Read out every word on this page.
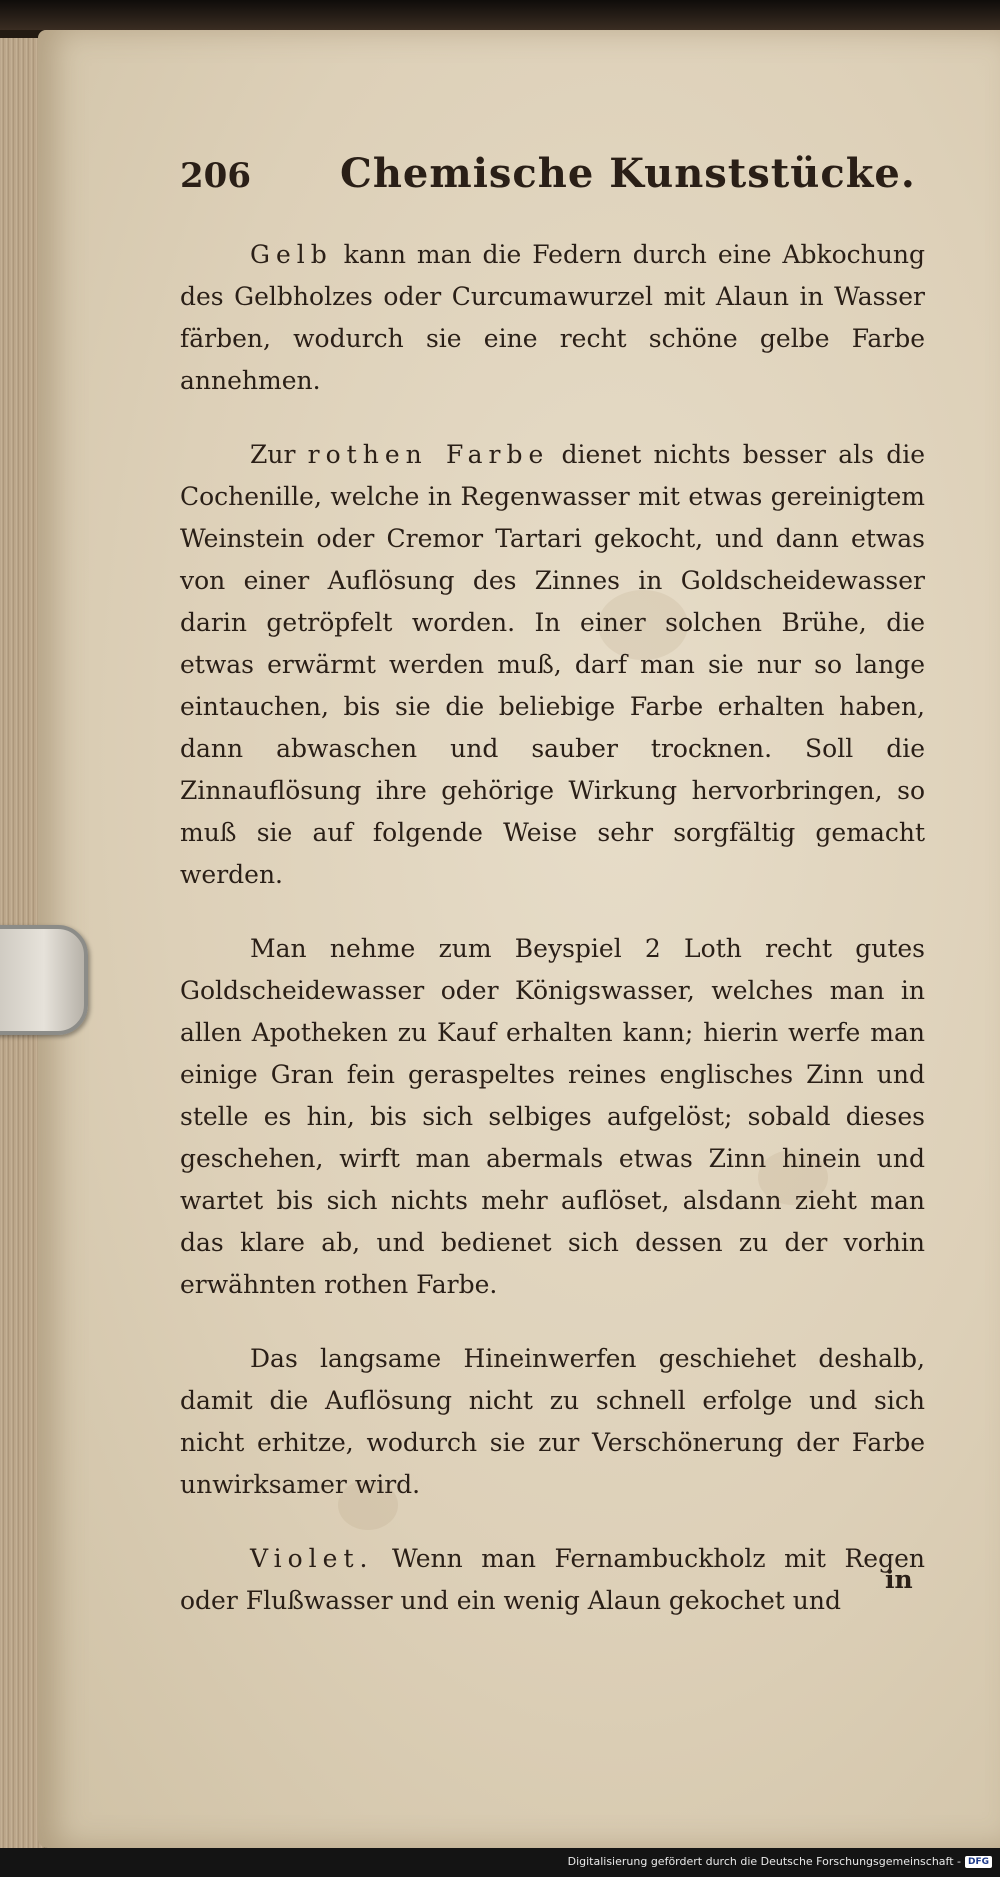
206	Chemische Kunststücke.

Gelb kann man die Federn durch eine Abkochung des Gelbholzes oder Curcumawurzel mit Alaun in Wasser färben, wodurch sie eine recht schöne gelbe Farbe annehmen.

Zur rothen Farbe dienet nichts besser als die Cochenille, welche in Regenwasser mit etwas gereinigtem Weinstein oder Cremor Tartari gekocht, und dann etwas von einer Auflösung des Zinnes in Goldscheidewasser darin getröpfelt worden. In einer solchen Brühe, die etwas erwärmt werden muß, darf man sie nur so lange eintauchen, bis sie die beliebige Farbe erhalten haben, dann abwaschen und sauber trocknen. Soll die Zinnauflösung ihre gehörige Wirkung hervorbringen, so muß sie auf folgende Weise sehr sorgfältig gemacht werden.

Man nehme zum Beyspiel 2 Loth recht gutes Goldscheidewasser oder Königswasser, welches man in allen Apotheken zu Kauf erhalten kann; hierin werfe man einige Gran fein geraspeltes reines englisches Zinn und stelle es hin, bis sich selbiges aufgelöst; sobald dieses geschehen, wirft man abermals etwas Zinn hinein und wartet bis sich nichts mehr auflöset, alsdann zieht man das klare ab, und bedienet sich dessen zu der vorhin erwähnten rothen Farbe.

Das langsame Hineinwerfen geschiehet deshalb, damit die Auflösung nicht zu schnell erfolge und sich nicht erhitze, wodurch sie zur Verschönerung der Farbe unwirksamer wird.

Violet. Wenn man Fernambuckholz mit Regen oder Flußwasser und ein wenig Alaun gekochet und

in
Digitalisierung gefördert durch die Deutsche Forschungsgemeinschaft - DFG
